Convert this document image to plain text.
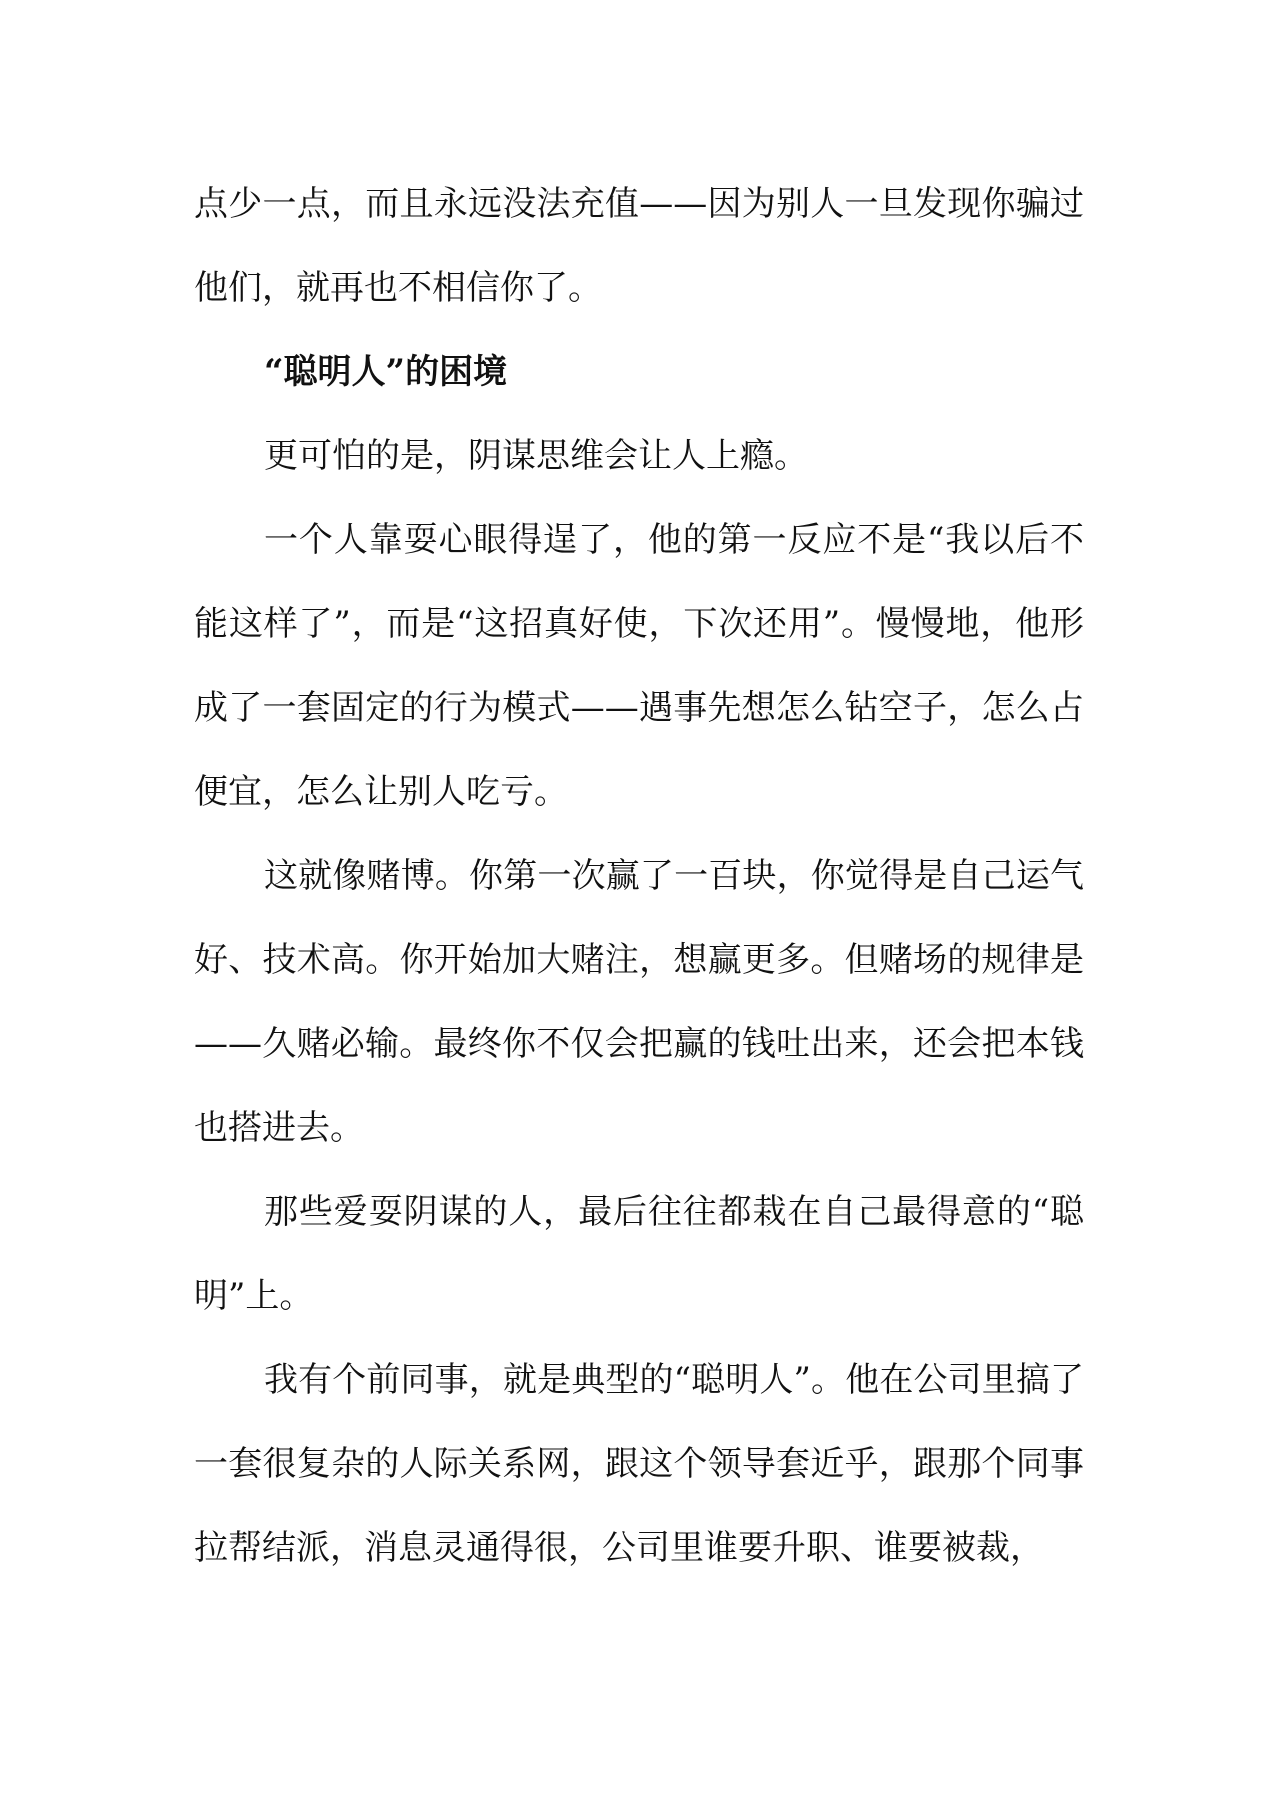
点少一点，而且永远没法充值——因为别人一旦发现你骗过他们，就再也不相信你了。

“聪明人”的困境

更可怕的是，阴谋思维会让人上瘾。

一个人靠耍心眼得逞了，他的第一反应不是“我以后不能这样了”，而是“这招真好使，下次还用”。慢慢地，他形成了一套固定的行为模式——遇事先想怎么钻空子，怎么占便宜，怎么让别人吃亏。

这就像赌博。你第一次赢了一百块，你觉得是自己运气好、技术高。你开始加大赌注，想赢更多。但赌场的规律是——久赌必输。最终你不仅会把赢的钱吐出来，还会把本钱也搭进去。

那些爱耍阴谋的人，最后往往都栽在自己最得意的“聪明”上。

我有个前同事，就是典型的“聪明人”。他在公司里搞了一套很复杂的人际关系网，跟这个领导套近乎，跟那个同事拉帮结派，消息灵通得很，公司里谁要升职、谁要被裁，
